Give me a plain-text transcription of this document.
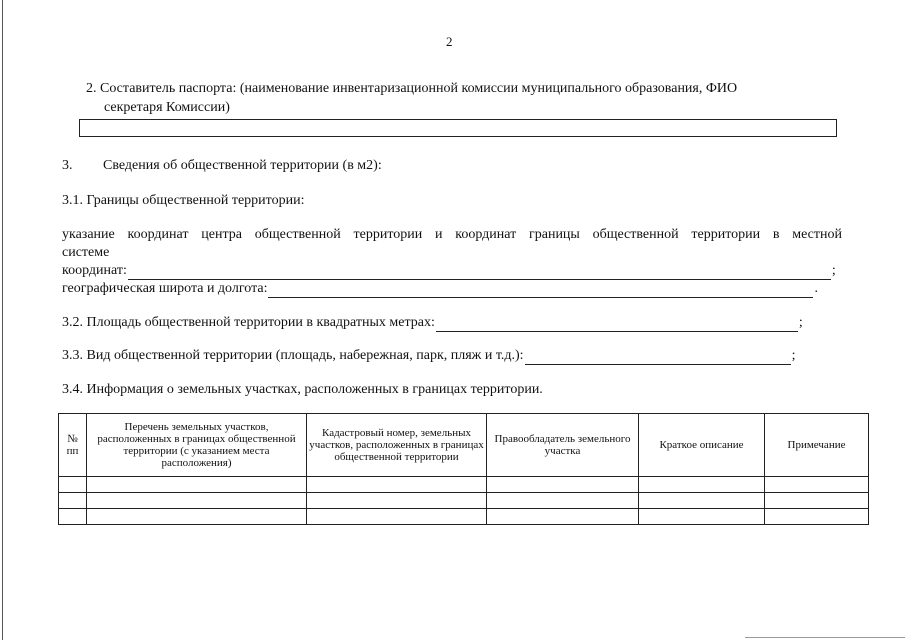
2
2. Составитель паспорта: (наименование инвентаризационной комиссии муниципального образования, ФИО
секретаря Комиссии)
3. Сведения об общественной территории (в м2):
3.1. Границы общественной территории:
указание координат центра общественной территории и координат границы общественной территории в местной
системе
координат:	;
географическая широта и долгота:	.
3.2. Площадь общественной территории в квадратных метрах:	;
3.3. Вид общественной территории (площадь, набережная, парк, пляж и т.д.):	;
3.4. Информация о земельных участках, расположенных в границах территории.
№ пп	Перечень земельных участков, расположенных в границах общественной территории (с указанием места расположения)	Кадастровый номер, земельных участков, расположенных в границах общественной территории	Правообладатель земельного участка	Краткое описание	Примечание
